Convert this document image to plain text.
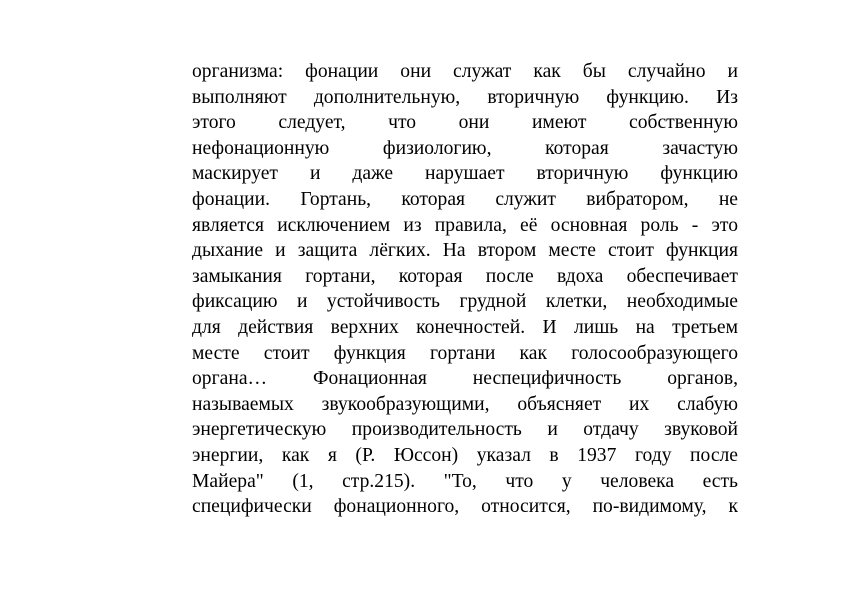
организма: фонации они служат как бы случайно и
выполняют дополнительную, вторичную функцию. Из
этого следует, что они имеют собственную
нефонационную физиологию, которая зачастую
маскирует и даже нарушает вторичную функцию
фонации. Гортань, которая служит вибратором, не
является исключением из правила, её основная роль - это
дыхание и защита лёгких. На втором месте стоит функция
замыкания гортани, которая после вдоха обеспечивает
фиксацию и устойчивость грудной клетки, необходимые
для действия верхних конечностей. И лишь на третьем
месте стоит функция гортани как голосообразующего
органа… Фонационная неспецифичность органов,
называемых звукообразующими, объясняет их слабую
энергетическую производительность и отдачу звуковой
энергии, как я (Р. Юссон) указал в 1937 году после
Майера" (1, стр.215). "То, что у человека есть
специфически фонационного, относится, по-видимому, к
